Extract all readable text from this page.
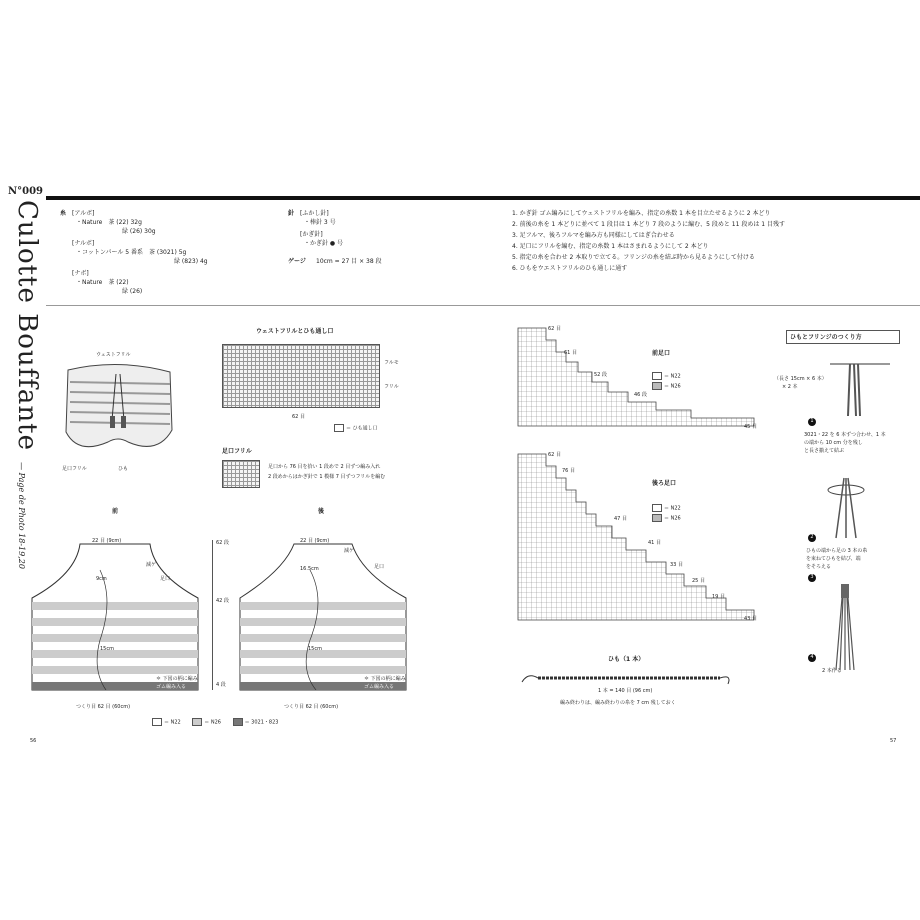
N°009
Culotte Bouffante — Page de Photo 18-19,20
糸 [アルボ]
・Nature　茶 (22) 32g
緑 (26) 30g
[ナルボ]
・コットンパール 5 番系　茶 (3021) 5g
緑 (823) 4g
[ナボ]
・Nature　茶 (22)
緑 (26)
針 [ふかし針]
・棒針 3 号
[かぎ針]
・かぎ針 ● 号
ゲージ 10cm = 27 目 × 38 段
1. かぎ針 ゴム編みにしてウェストフリルを編み、指定の糸数 1 本を目立たせるように 2 本どり
2. 前後の糸を 1 本どりに並べて 1 段目は 1 本どり 7 段のように編む、5 段めと 11 段めは 1 目残す
3. 足フルマ、後ろフルマを編み方も同様にしてはぎ合わせる
4. 足口にフリルを編む、指定の糸数 1 本はさまれるようにして 2 本どり
5. 指定の糸を合わせ 2 本取りで立てる。フリンジの糸を結ぶ時から見るようにして付ける
6. ひもをウエストフリルのひも通しに通す
ウェストフリル
足口フリル	ひも
ウェストフリルとひも通し口
フルモ
フリル
62 目
＝ ひも通し口
足口フリル
足口から 76 目を拾い 1 段めで 2 目ずつ編み入れ
2 段めからはかぎ針で 1 模様 7 目ずつフリルを編む
前
22 目 (9cm)
9cm
減ゲ
足口
15cm
＊ 下図の柄に編み
ゴム編み入る
つくり目 62 目 (60cm)
62 段
42 段
4 段
後
22 目 (9cm)
16.5cm
減ゲ
足口
15cm
＊ 下図の柄に編み
ゴム編み入る
つくり目 62 目 (60cm)
＝ N22	＝ N26	＝ 3021・823
62 目
61 目
52 段
46 段
45 目
前足口
＝ N22
＝ N26
62 目
76 目
47 目
41 目
33 目
25 目
19 目
43 目
後ろ足口
＝ N22
＝ N26
ひも（1 本）
1 本 = 140 目 (96 cm)
編み終わりは、編み終わりの糸を 7 cm 残しておく
ひもとフリンジのつくり方
（長さ 15cm × 6 本）
× 2 本
1
3021・22 を 6 本ずつ合わせ、1 本
の端から 10 cm 分を残し
と長さ揃えて結ぶ
2
ひもの端から足の 3 本の糸
を束ねてひもを結び、端
をそろえる
3
4
2 本作る
56	57
